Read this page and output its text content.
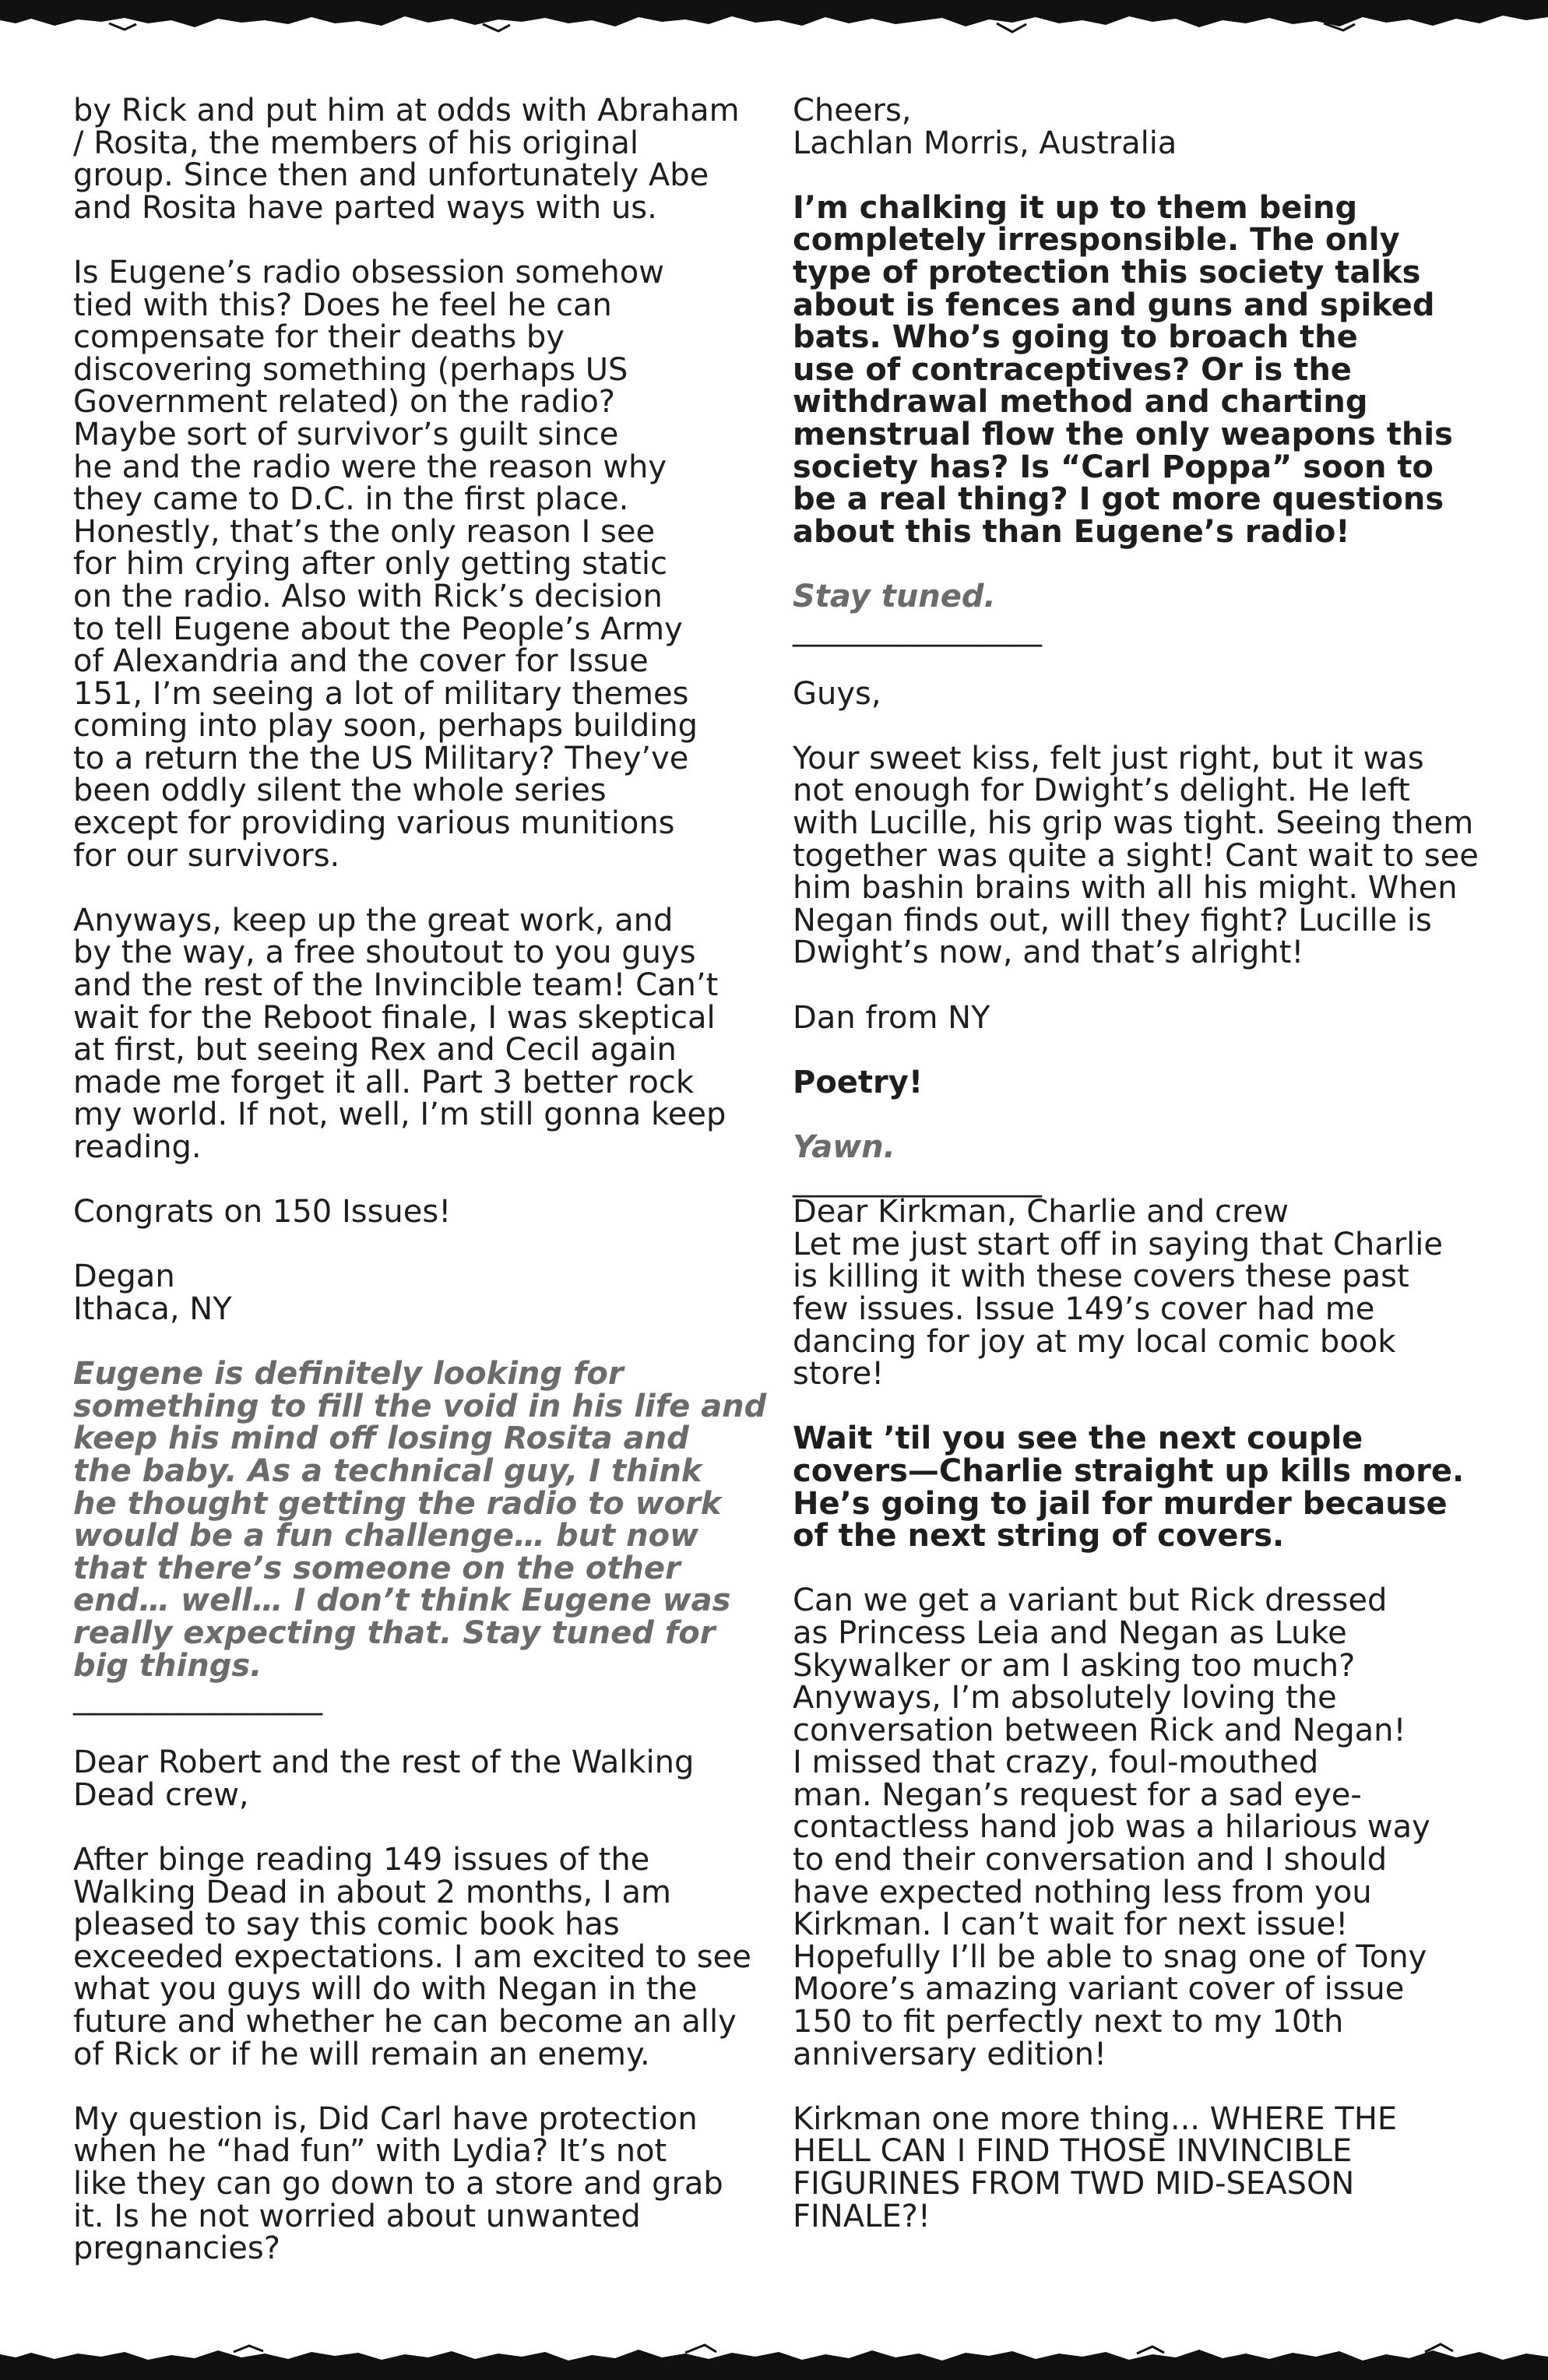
by Rick and put him at odds with Abraham
/ Rosita, the members of his original
group. Since then and unfortunately Abe
and Rosita have parted ways with us.

Is Eugene’s radio obsession somehow
tied with this? Does he feel he can
compensate for their deaths by
discovering something (perhaps US
Government related) on the radio?
Maybe sort of survivor’s guilt since
he and the radio were the reason why
they came to D.C. in the first place.
Honestly, that’s the only reason I see
for him crying after only getting static
on the radio. Also with Rick’s decision
to tell Eugene about the People’s Army
of Alexandria and the cover for Issue
151, I’m seeing a lot of military themes
coming into play soon, perhaps building
to a return the the US Military? They’ve
been oddly silent the whole series
except for providing various munitions
for our survivors.

Anyways, keep up the great work, and
by the way, a free shoutout to you guys
and the rest of the Invincible team! Can’t
wait for the Reboot finale, I was skeptical
at first, but seeing Rex and Cecil again
made me forget it all. Part 3 better rock
my world. If not, well, I’m still gonna keep
reading.

Congrats on 150 Issues!

Degan
Ithaca, NY

Eugene is definitely looking for
something to fill the void in his life and
keep his mind off losing Rosita and
the baby. As a technical guy, I think
he thought getting the radio to work
would be a fun challenge… but now
that there’s someone on the other
end… well… I don’t think Eugene was
really expecting that. Stay tuned for
big things.

________________

Dear Robert and the rest of the Walking
Dead crew,

After binge reading 149 issues of the
Walking Dead in about 2 months, I am
pleased to say this comic book has
exceeded expectations. I am excited to see
what you guys will do with Negan in the
future and whether he can become an ally
of Rick or if he will remain an enemy.

My question is, Did Carl have protection
when he “had fun” with Lydia? It’s not
like they can go down to a store and grab
it. Is he not worried about unwanted
pregnancies?

Cheers,
Lachlan Morris, Australia

I’m chalking it up to them being
completely irresponsible. The only
type of protection this society talks
about is fences and guns and spiked
bats. Who’s going to broach the
use of contraceptives? Or is the
withdrawal method and charting
menstrual flow the only weapons this
society has? Is “Carl Poppa” soon to
be a real thing? I got more questions
about this than Eugene’s radio!

Stay tuned.

________________

Guys,

Your sweet kiss, felt just right, but it was
not enough for Dwight’s delight. He left
with Lucille, his grip was tight. Seeing them
together was quite a sight! Cant wait to see
him bashin brains with all his might. When
Negan finds out, will they fight? Lucille is
Dwight’s now, and that’s alright!

Dan from NY

Poetry!

Yawn.

________________

Dear Kirkman, Charlie and crew
Let me just start off in saying that Charlie
is killing it with these covers these past
few issues. Issue 149’s cover had me
dancing for joy at my local comic book
store!

Wait ’til you see the next couple
covers—Charlie straight up kills more.
He’s going to jail for murder because
of the next string of covers.

Can we get a variant but Rick dressed
as Princess Leia and Negan as Luke
Skywalker or am I asking too much?
Anyways, I’m absolutely loving the
conversation between Rick and Negan!
I missed that crazy, foul-mouthed
man. Negan’s request for a sad eye-
contactless hand job was a hilarious way
to end their conversation and I should
have expected nothing less from you
Kirkman. I can’t wait for next issue!
Hopefully I’ll be able to snag one of Tony
Moore’s amazing variant cover of issue
150 to fit perfectly next to my 10th
anniversary edition!

Kirkman one more thing... WHERE THE
HELL CAN I FIND THOSE INVINCIBLE
FIGURINES FROM TWD MID-SEASON
FINALE?!
